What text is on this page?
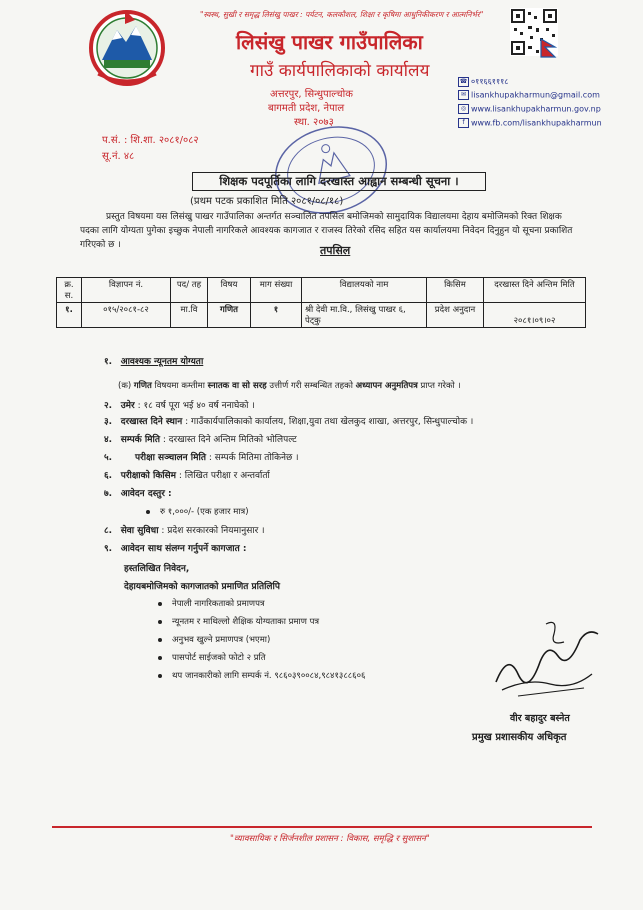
"स्वस्थ, सुखी र समृद्ध लिसंखु पाखर : पर्यटन, कलकौशल, शिक्षा र कृषिमा आधुनिकीकरण र आत्मनिर्भर"
लिसंखु पाखर गाउँपालिका
गाउँ कार्यपालिकाको कार्यालय
अत्तरपुर, सिन्धुपाल्चोक
बागमती प्रदेश, नेपाल
स्था. २०७३
☎ ०११६६१११८
✉ lisankhupakharmun@gmail.com
◎ www.lisankhupakharmun.gov.np
f www.fb.com/lisankhupakharmun
प.सं. : शि.शा. २०८१/०८२
सू.नं. ४८
शिक्षक पदपूर्तिका लागि दरखास्त आह्वान सम्बन्धी सूचना ।
(प्रथम पटक प्रकाशित मिति २०८१/०८/१८)
प्रस्तुत विषयमा यस लिसंखु पाखर गाउँपालिका अन्तर्गत सञ्चालित तपसिल बमोजिमको सामुदायिक विद्यालयमा देहाय बमोजिमको रिक्त शिक्षक पदका लागि योग्यता पुगेका इच्छुक नेपाली नागरिकले आवश्यक कागजात र राजस्व तिरेको रसिद सहित यस कार्यालयमा निवेदन दिनुहुन यो सूचना प्रकाशित गरिएको छ ।	तपसिल
क्र. स.	विज्ञापन नं.	पद/ तह	विषय	माग संख्या	विद्यालयको नाम	किसिम	दरखास्त दिने अन्तिम मिति
१.	०१५/२०८१-८२	मा.वि	गणित	१	श्री देवी मा.वि., लिसंखु पाखर ६, पेट्कु	प्रदेश अनुदान	२०८१।०९।०२
१. आवश्यक न्यूनतम योग्यता
(क) गणित विषयमा कम्तीमा स्नातक वा सो सरह उत्तीर्ण गरी सम्बन्धित तहको अध्यापन अनुमतिपत्र प्राप्त गरेको ।
२. उमेर : १८ वर्ष पूरा भई ४० वर्ष ननाघेको ।
३. दरखास्त दिने स्थान : गाउँकार्यपालिकाको कार्यालय, शिक्षा,युवा तथा खेलकुद शाखा, अत्तरपुर, सिन्धुपाल्चोक ।
४. सम्पर्क मिति : दरखास्त दिने अन्तिम मितिको भोलिपल्ट
५.	परीक्षा सञ्चालन मिति : सम्पर्क मितिमा तोकिनेछ ।
६. परीक्षाको किसिम : लिखित परीक्षा र अन्तर्वार्ता
७. आवेदन दस्तुर :
रु १,०००/- (एक हजार मात्र)
८. सेवा सुविधा : प्रदेश सरकारको नियमानुसार ।
९. आवेदन साथ संलग्न गर्नुपर्ने कागजात :
हस्तलिखित निवेदन,
देहायबमोजिमको कागजातको प्रमाणित प्रतिलिपि
नेपाली नागरिकताको प्रमाणपत्र
न्यूनतम र माथिल्लो शैक्षिक योग्यताका प्रमाण पत्र
अनुभव खुल्ने प्रमाणपत्र (भएमा)
पासपोर्ट साईजको फोटो २ प्रति
थप जानकारीको लागि सम्पर्क नं. ९८६०३९००८४,९८४१३८८६०६
वीर बहादुर बस्नेत
प्रमुख प्रशासकीय अधिकृत
"व्यावसायिक र सिर्जनशील प्रशासन : विकास, समृद्धि र सुशासन"
